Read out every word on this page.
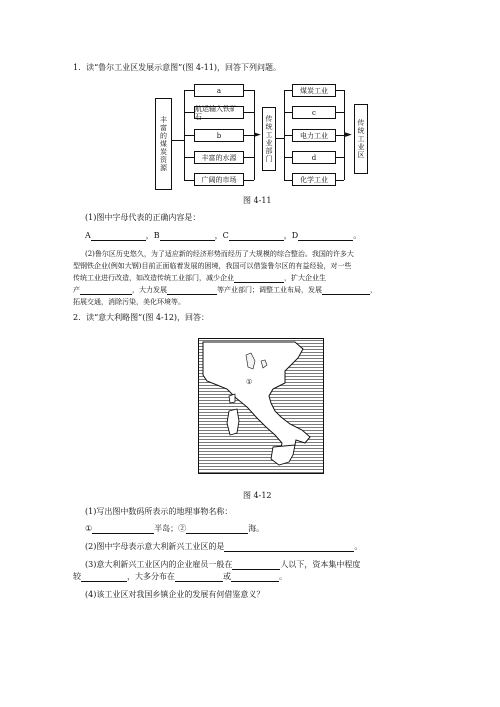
1．读“鲁尔工业区发展示意图”(图 4-11)，回答下列问题。
丰富的煤炭资源
a
航运输入铁矿石
b
丰富的水源
广阔的市场
► 传统工业部门
煤炭工业
c
电力工业
d
化学工业
► 传统工业区
图 4-11
(1)图中字母代表的正确内容是：
A	，B	，C	，D	。
(2)鲁尔区历史悠久，为了适应新的经济形势而经历了大规模的综合整治。我国的许多大
型钢铁企业(例如大钢)目前正面临着发展的困境，我国可以借鉴鲁尔区的有益经验，对一些
传统工业进行改造，如改造传统工业部门，减少企业	，扩大企业生
产	，大力发展	等产业部门；调整工业布局，发展	，
拓展交通，消除污染，美化环境等。
2．读“意大利略图”(图 4-12)，回答：
①
图 4-12
(1)写出图中数码所表示的地理事物名称：
①	半岛；②	海。
(2)图中字母表示意大利新兴工业区的是	。
(3)意大利新兴工业区内的企业雇员一般在	人以下，资本集中程度
较	，大多分布在	或	。
(4)该工业区对我国乡镇企业的发展有何借鉴意义？
